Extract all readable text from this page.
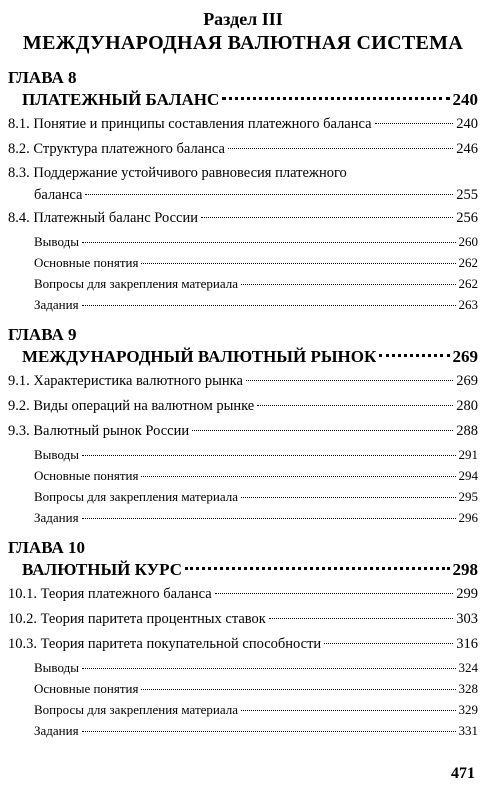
Раздел III
МЕЖДУНАРОДНАЯ ВАЛЮТНАЯ СИСТЕМА
ГЛАВА 8
ПЛАТЕЖНЫЙ БАЛАНС	240
8.1. Понятие и принципы составления платежного баланса	240
8.2. Структура платежного баланса	246
8.3. Поддержание устойчивого равновесия платежного
баланса	255
8.4. Платежный баланс России	256
Выводы	260
Основные понятия	262
Вопросы для закрепления материала	262
Задания	263
ГЛАВА 9
МЕЖДУНАРОДНЫЙ ВАЛЮТНЫЙ РЫНОК	269
9.1. Характеристика валютного рынка	269
9.2. Виды операций на валютном рынке	280
9.3. Валютный рынок России	288
Выводы	291
Основные понятия	294
Вопросы для закрепления материала	295
Задания	296
ГЛАВА 10
ВАЛЮТНЫЙ КУРС	298
10.1. Теория платежного баланса	299
10.2. Теория паритета процентных ставок	303
10.3. Теория паритета покупательной способности	316
Выводы	324
Основные понятия	328
Вопросы для закрепления материала	329
Задания	331
471
